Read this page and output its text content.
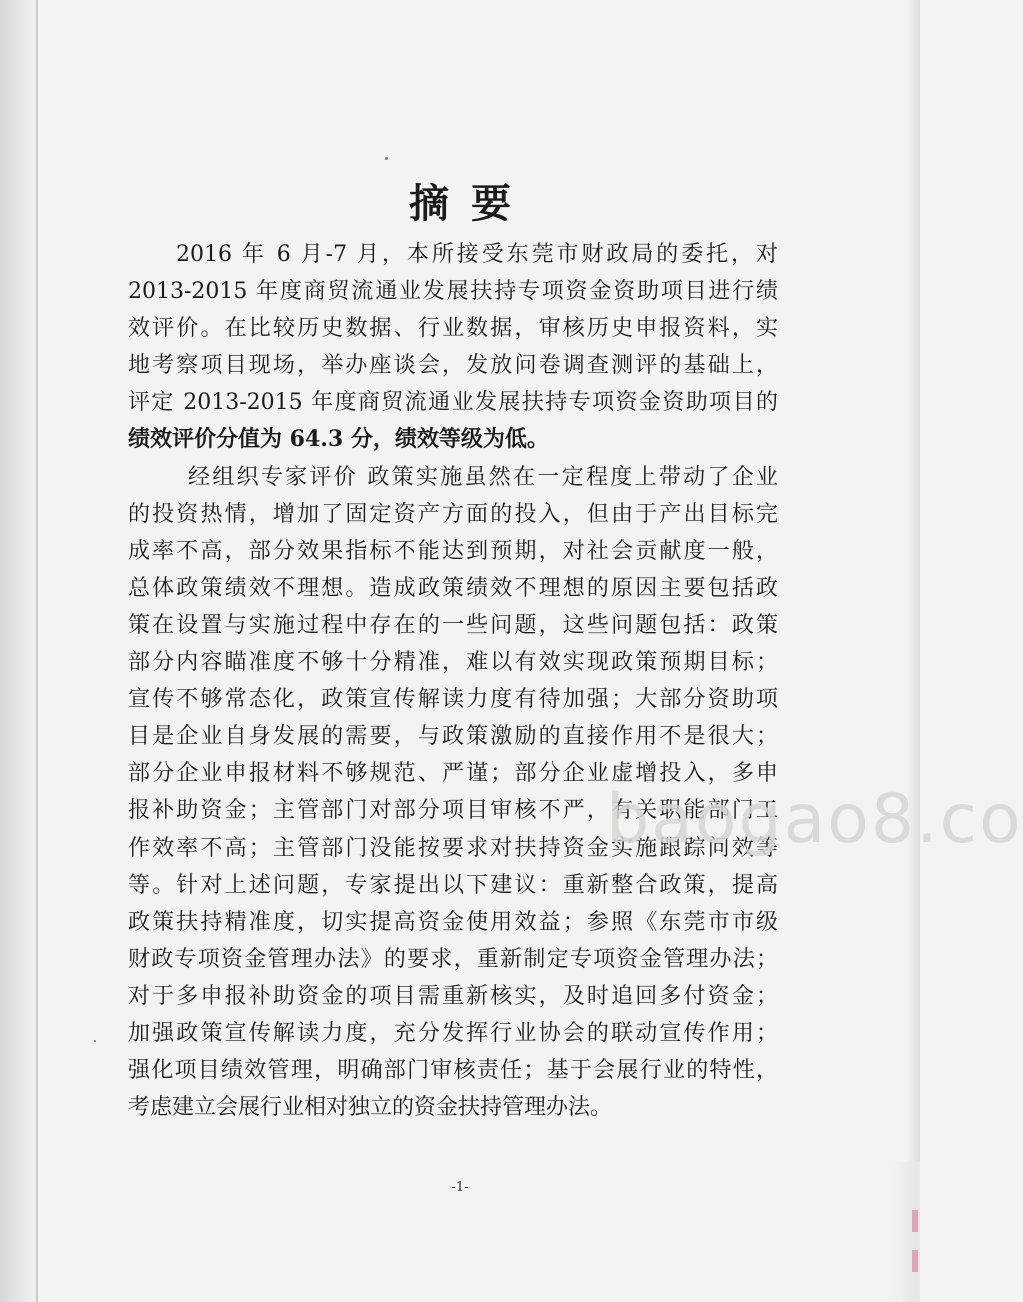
摘要
2016 年 6 月-7 月，本所接受东莞市财政局的委托，对
2013-2015 年度商贸流通业发展扶持专项资金资助项目进行绩
效评价。在比较历史数据、行业数据，审核历史申报资料，实
地考察项目现场，举办座谈会，发放问卷调查测评的基础上，
评定 2013-2015 年度商贸流通业发展扶持专项资金资助项目的
绩效评价分值为 64.3 分，绩效等级为低。
经组织专家评价 政策实施虽然在一定程度上带动了企业
的投资热情，增加了固定资产方面的投入，但由于产出目标完
成率不高，部分效果指标不能达到预期，对社会贡献度一般，
总体政策绩效不理想。造成政策绩效不理想的原因主要包括政
策在设置与实施过程中存在的一些问题，这些问题包括：政策
部分内容瞄准度不够十分精准，难以有效实现政策预期目标；
宣传不够常态化，政策宣传解读力度有待加强；大部分资助项
目是企业自身发展的需要，与政策激励的直接作用不是很大；
部分企业申报材料不够规范、严谨；部分企业虚增投入，多申
报补助资金；主管部门对部分项目审核不严，有关职能部门工
作效率不高；主管部门没能按要求对扶持资金实施跟踪问效等
等。针对上述问题，专家提出以下建议：重新整合政策，提高
政策扶持精准度，切实提高资金使用效益；参照《东莞市市级
财政专项资金管理办法》的要求，重新制定专项资金管理办法；
对于多申报补助资金的项目需重新核实，及时追回多付资金；
加强政策宣传解读力度，充分发挥行业协会的联动宣传作用；
强化项目绩效管理，明确部门审核责任；基于会展行业的特性，
考虑建立会展行业相对独立的资金扶持管理办法。
baogao8.co
-1-
